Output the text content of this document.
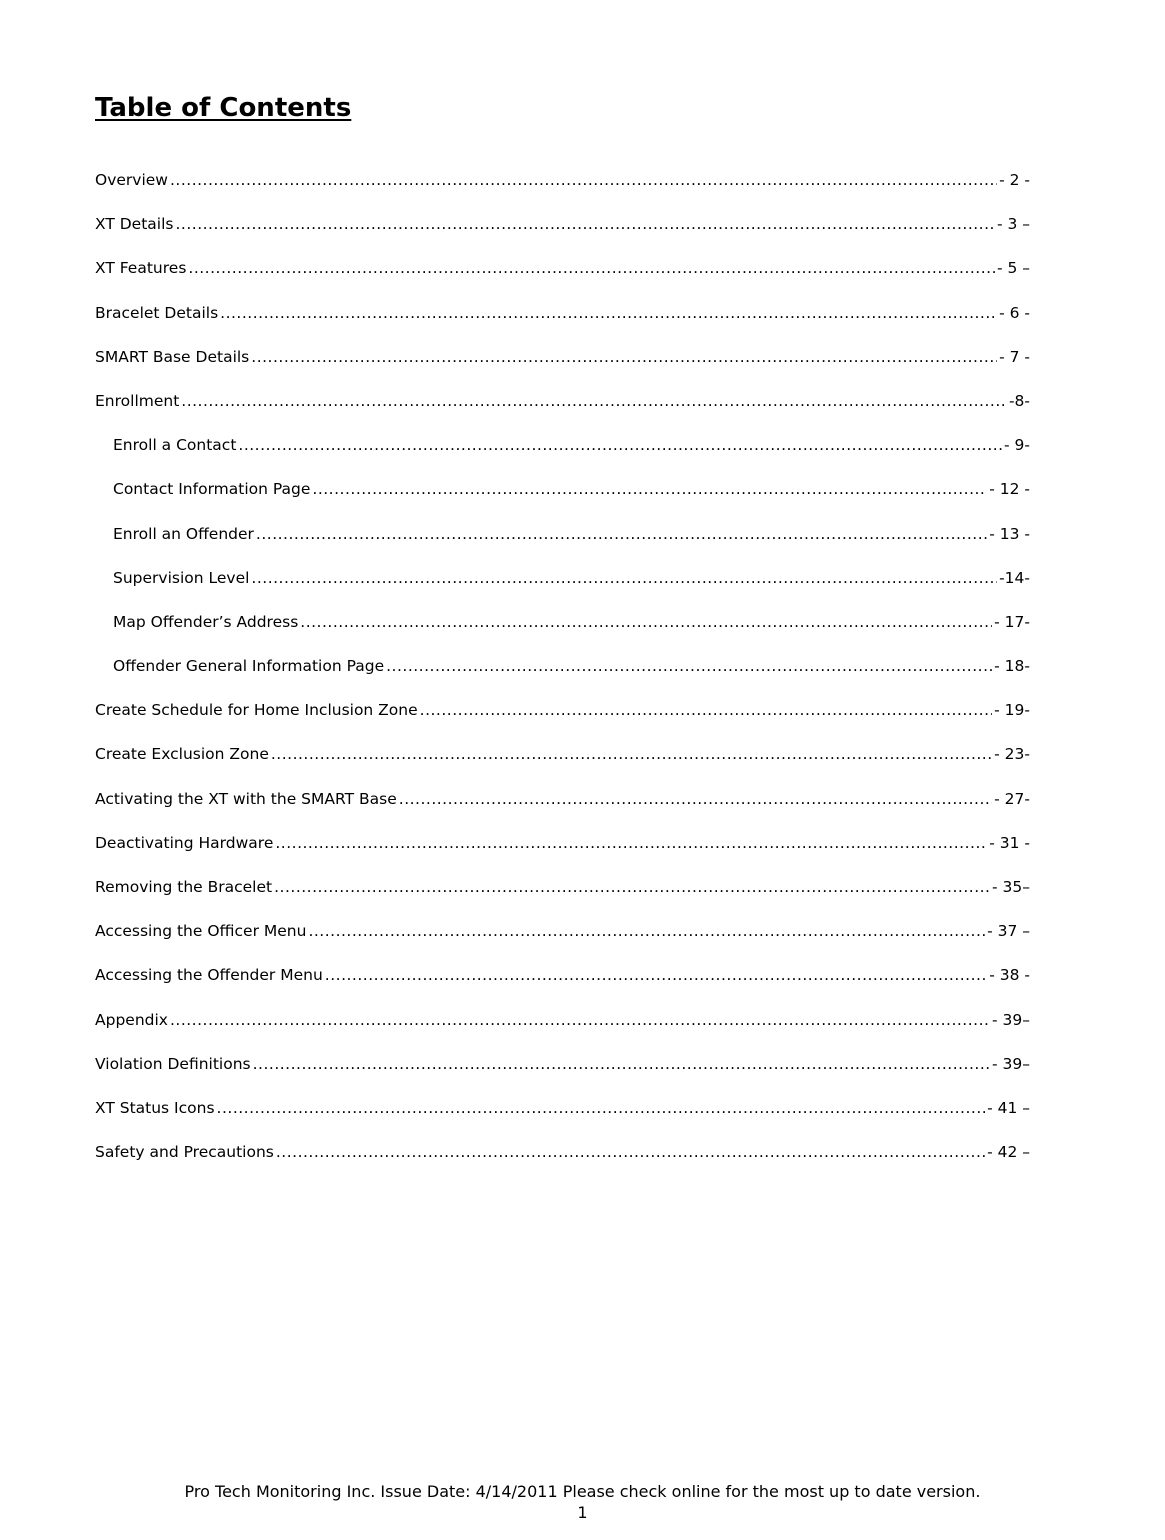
Table of Contents
Overview .....	- 2 -
XT Details .....	- 3 –
XT Features .....	- 5 –
Bracelet Details .....	- 6 -
SMART Base Details .....	- 7 -
Enrollment .....	-8-
Enroll a Contact .....	- 9-
Contact Information Page .....	- 12 -
Enroll an Offender .....	- 13 -
Supervision Level .....	-14-
Map Offender’s Address .....	- 17-
Offender General Information Page .....	- 18-
Create Schedule for Home Inclusion Zone .....	- 19-
Create Exclusion Zone .....	- 23-
Activating the XT with the SMART Base .....	- 27-
Deactivating Hardware .....	- 31 -
Removing the Bracelet .....	- 35–
Accessing the Officer Menu .....	- 37 –
Accessing the Offender Menu .....	- 38 -
Appendix .....	- 39–
Violation Definitions .....	- 39–
XT Status Icons .....	- 41 –
Safety and Precautions .....	- 42 –
Pro Tech Monitoring Inc. Issue Date: 4/14/2011 Please check online for the most up to date version.
1
